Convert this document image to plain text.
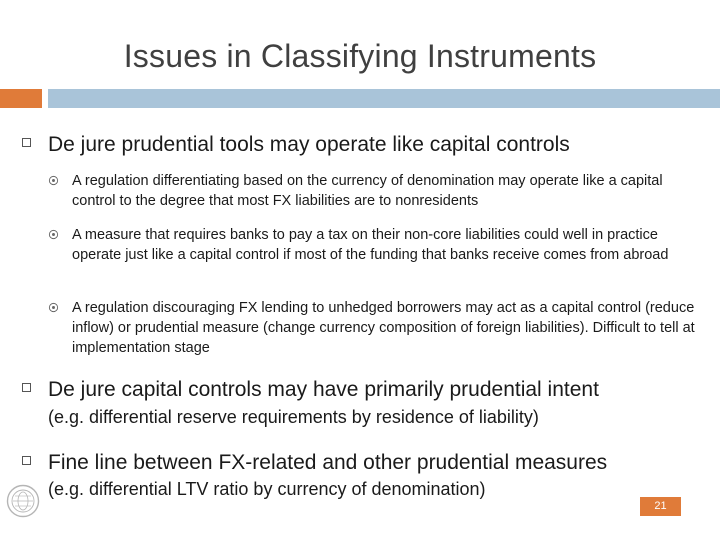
Issues in Classifying Instruments
De jure prudential tools may operate like capital controls
A regulation differentiating based on the currency of denomination may operate like a capital control to the degree that most FX liabilities are to nonresidents
A measure that requires banks to pay a tax on their non-core liabilities could well in practice operate just like a capital control if most of the funding that banks receive comes from abroad
A regulation discouraging FX lending to unhedged borrowers may act as a capital control (reduce inflow) or prudential measure (change currency composition of foreign liabilities). Difficult to tell at implementation stage
De jure capital controls may have primarily prudential intent
(e.g. differential reserve requirements by residence of liability)
Fine line between FX-related and other prudential measures
(e.g. differential LTV ratio by currency of denomination)
21
